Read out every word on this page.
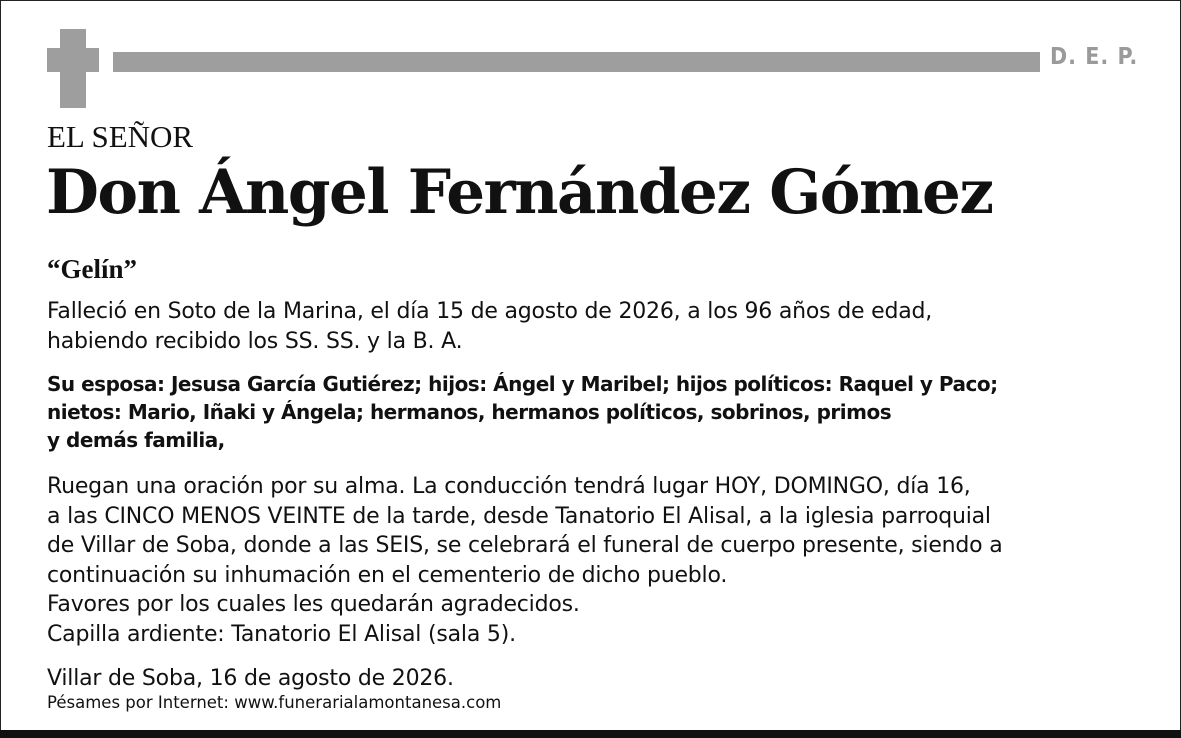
D. E. P.
EL SEÑOR
Don Ángel Fernández Gómez
“Gelín”
Falleció en Soto de la Marina, el día 15 de agosto de 2026, a los 96 años de edad,
habiendo recibido los SS. SS. y la B. A.
Su esposa: Jesusa García Gutiérez; hijos: Ángel y Maribel; hijos políticos: Raquel y Paco;
nietos: Mario, Iñaki y Ángela; hermanos, hermanos políticos, sobrinos, primos
y demás familia,
Ruegan una oración por su alma. La conducción tendrá lugar HOY, DOMINGO, día 16,
a las CINCO MENOS VEINTE de la tarde, desde Tanatorio El Alisal, a la iglesia parroquial
de Villar de Soba, donde a las SEIS, se celebrará el funeral de cuerpo presente, siendo a
continuación su inhumación en el cementerio de dicho pueblo.
Favores por los cuales les quedarán agradecidos.
Capilla ardiente: Tanatorio El Alisal (sala 5).
Villar de Soba, 16 de agosto de 2026.
Pésames por Internet: www.funerarialamontanesa.com
